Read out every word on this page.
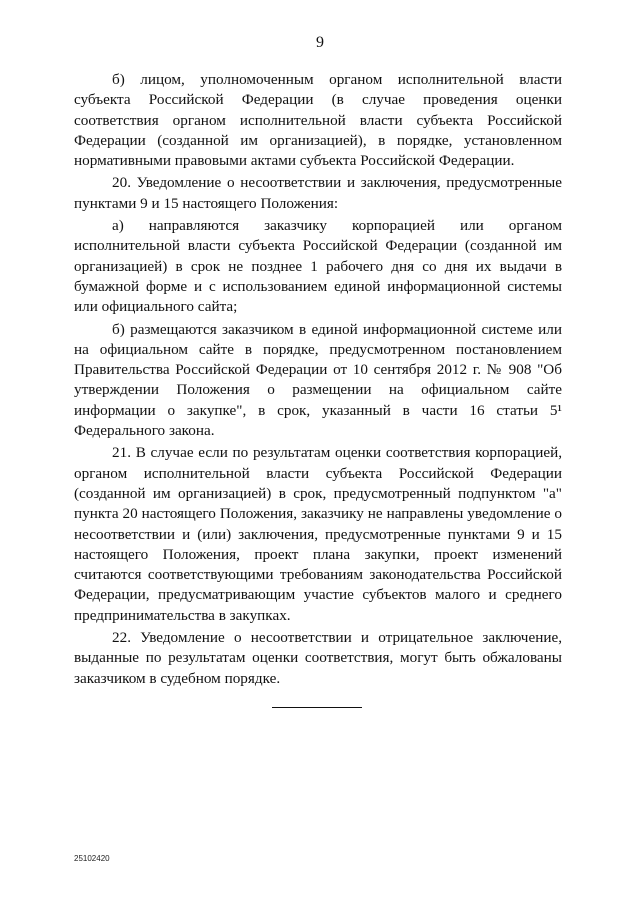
9

б) лицом, уполномоченным органом исполнительной власти субъекта Российской Федерации (в случае проведения оценки соответствия органом исполнительной власти субъекта Российской Федерации (созданной им организацией), в порядке, установленном нормативными правовыми актами субъекта Российской Федерации.

20. Уведомление о несоответствии и заключения, предусмотренные пунктами 9 и 15 настоящего Положения:

а) направляются заказчику корпорацией или органом исполнительной власти субъекта Российской Федерации (созданной им организацией) в срок не позднее 1 рабочего дня со дня их выдачи в бумажной форме и с использованием единой информационной системы или официального сайта;

б) размещаются заказчиком в единой информационной системе или на официальном сайте в порядке, предусмотренном постановлением Правительства Российской Федерации от 10 сентября 2012 г. № 908 "Об утверждении Положения о размещении на официальном сайте информации о закупке", в срок, указанный в части 16 статьи 5¹ Федерального закона.

21. В случае если по результатам оценки соответствия корпорацией, органом исполнительной власти субъекта Российской Федерации (созданной им организацией) в срок, предусмотренный подпунктом "а" пункта 20 настоящего Положения, заказчику не направлены уведомление о несоответствии и (или) заключения, предусмотренные пунктами 9 и 15 настоящего Положения, проект плана закупки, проект изменений считаются соответствующими требованиям законодательства Российской Федерации, предусматривающим участие субъектов малого и среднего предпринимательства в закупках.

22. Уведомление о несоответствии и отрицательное заключение, выданные по результатам оценки соответствия, могут быть обжалованы заказчиком в судебном порядке.

25102420
